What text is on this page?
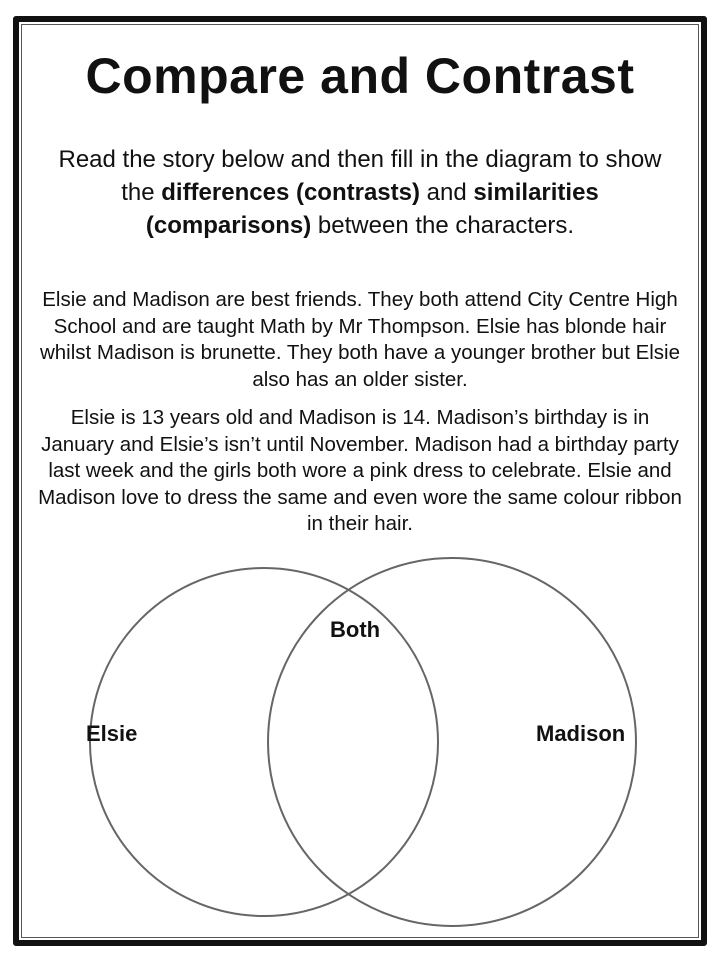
Compare and Contrast

Read the story below and then fill in the diagram to show the differences (contrasts) and similarities (comparisons) between the characters.

Elsie and Madison are best friends. They both attend City Centre High School and are taught Math by Mr Thompson. Elsie has blonde hair whilst Madison is brunette. They both have a younger brother but Elsie also has an older sister.

Elsie is 13 years old and Madison is 14. Madison’s birthday is in January and Elsie’s isn’t until November. Madison had a birthday party last week and the girls both wore a pink dress to celebrate. Elsie and Madison love to dress the same and even wore the same colour ribbon in their hair.

Both

Elsie	Madison
